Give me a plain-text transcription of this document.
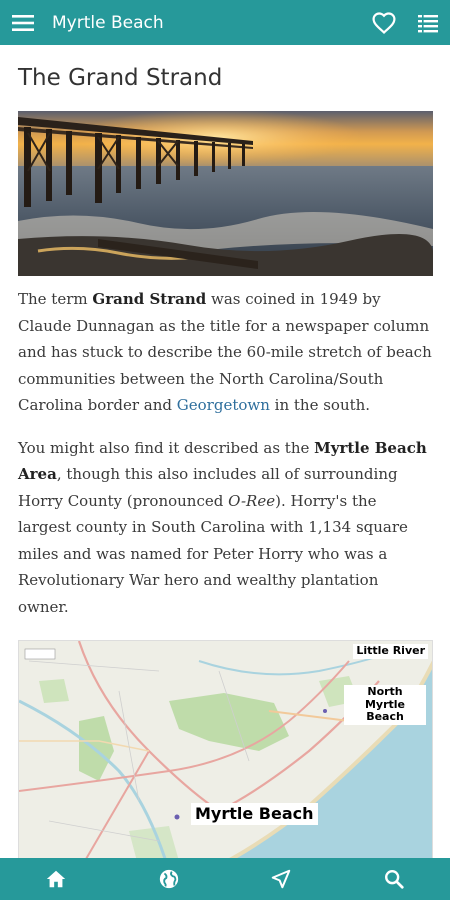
Myrtle Beach
The Grand Strand

The term Grand Strand was coined in 1949 by Claude Dunnagan as the title for a newspaper column and has stuck to describe the 60-mile stretch of beach communities between the North Carolina/South Carolina border and Georgetown in the south.

You might also find it described as the Myrtle Beach Area, though this also includes all of surrounding Horry County (pronounced O-Ree). Horry's the largest county in South Carolina with 1,134 square miles and was named for Peter Horry who was a Revolutionary War hero and wealthy plantation owner.

Little River
North Myrtle Beach
Myrtle Beach
